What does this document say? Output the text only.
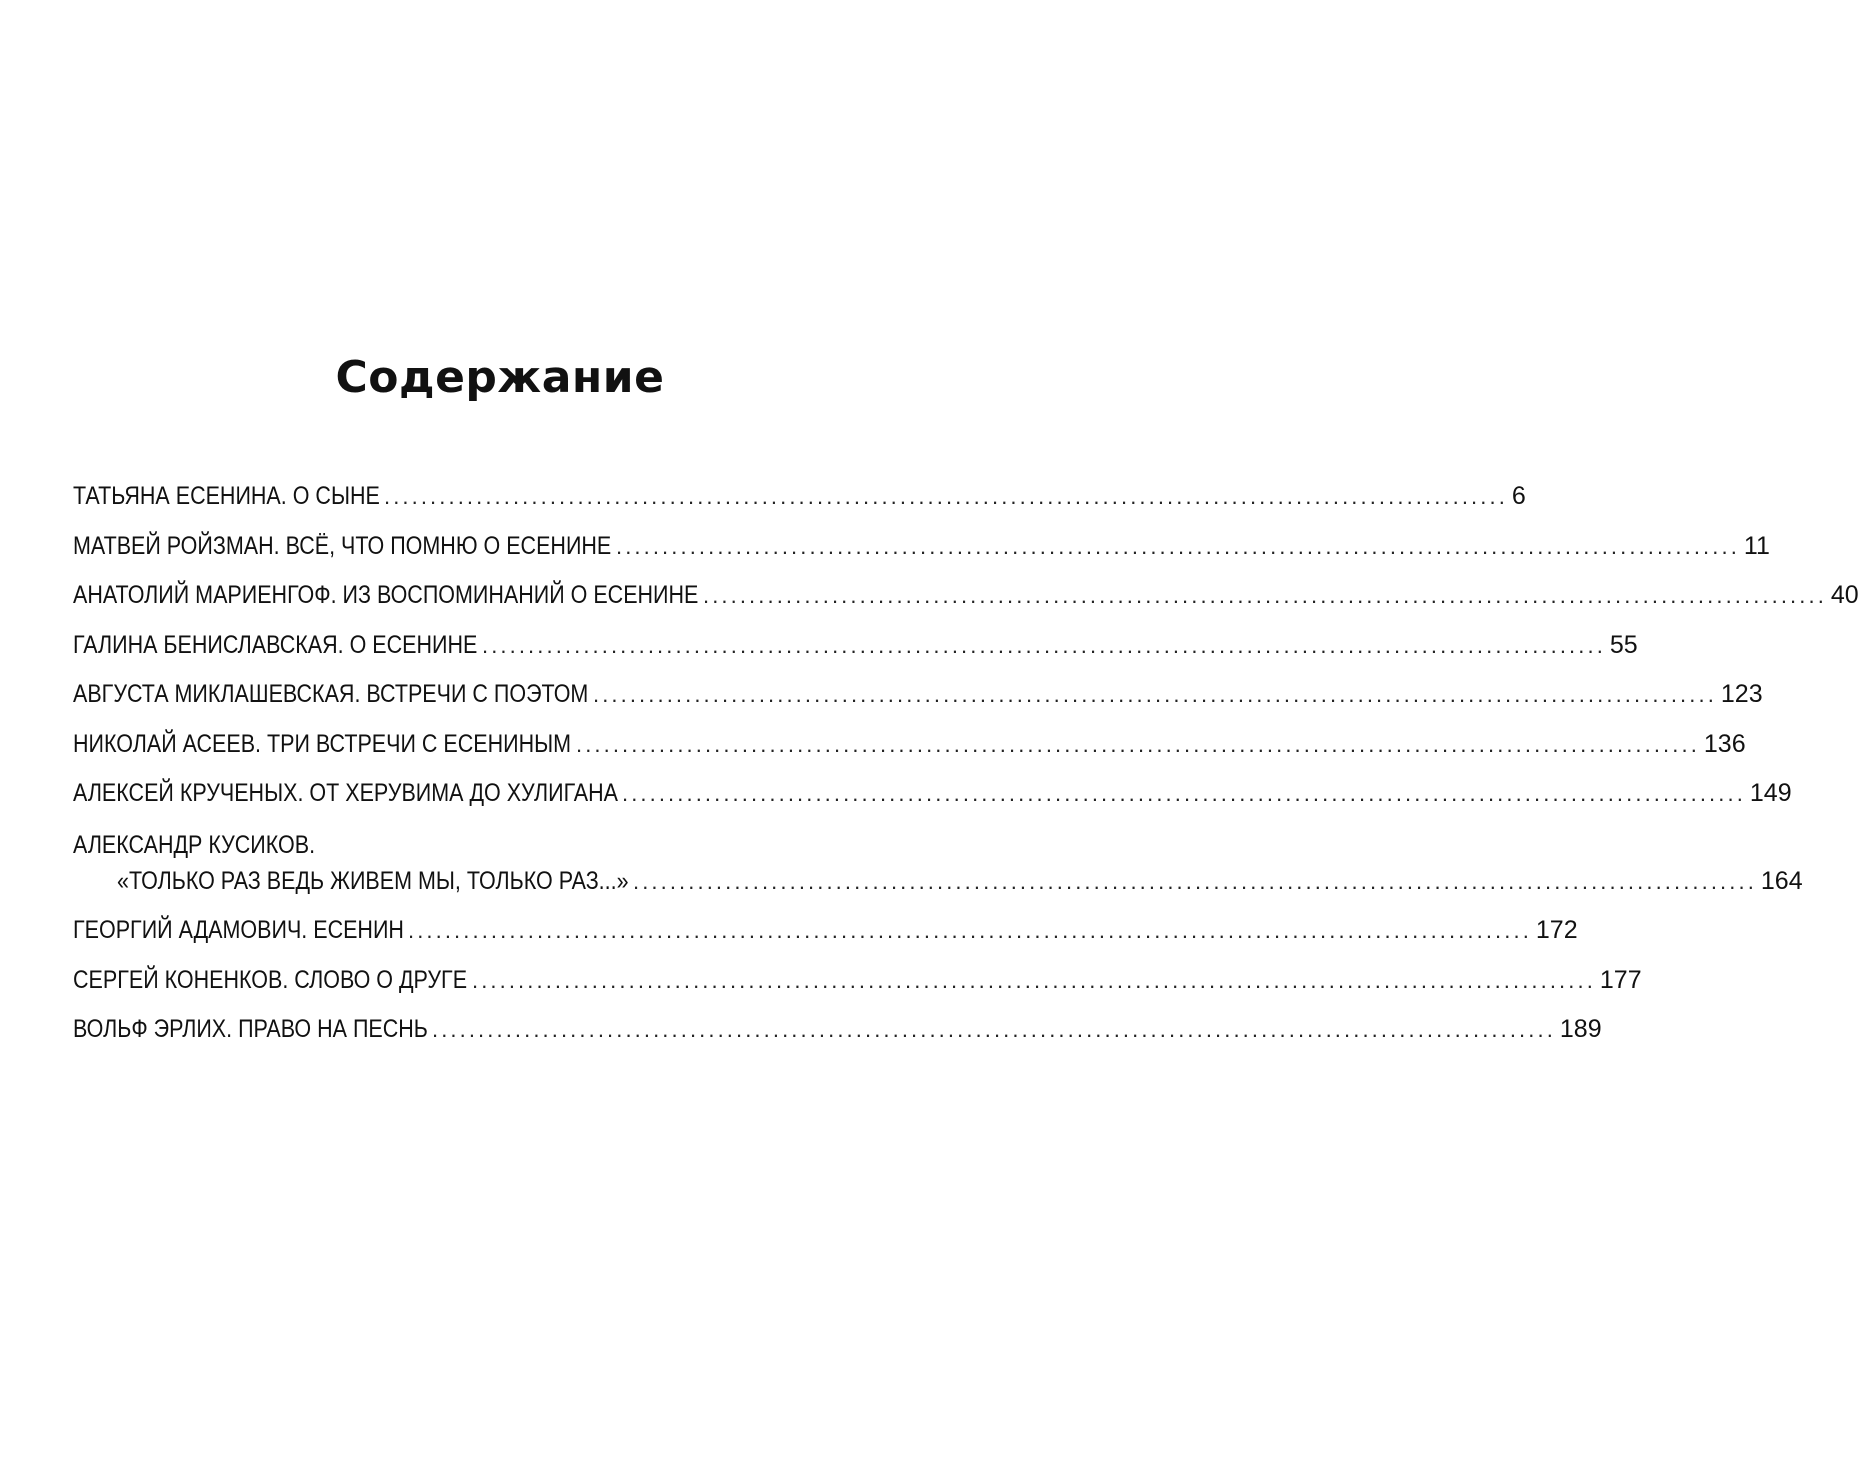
Содержание
ТАТЬЯНА ЕСЕНИНА. О СЫНЕ .......................................................................................................................... 6
МАТВЕЙ РОЙЗМАН. ВСЁ, ЧТО ПОМНЮ О ЕСЕНИНЕ .......................................................................................................................... 11
АНАТОЛИЙ МАРИЕНГОФ. ИЗ ВОСПОМИНАНИЙ О ЕСЕНИНЕ .......................................................................................................................... 40
ГАЛИНА БЕНИСЛАВСКАЯ. О ЕСЕНИНЕ .......................................................................................................................... 55
АВГУСТА МИКЛАШЕВСКАЯ. ВСТРЕЧИ С ПОЭТОМ .......................................................................................................................... 123
НИКОЛАЙ АСЕЕВ. ТРИ ВСТРЕЧИ С ЕСЕНИНЫМ .......................................................................................................................... 136
АЛЕКСЕЙ КРУЧЕНЫХ. ОТ ХЕРУВИМА ДО ХУЛИГАНА .......................................................................................................................... 149
АЛЕКСАНДР КУСИКОВ.
«ТОЛЬКО РАЗ ВЕДЬ ЖИВЕМ МЫ, ТОЛЬКО РАЗ...» .......................................................................................................................... 164
ГЕОРГИЙ АДАМОВИЧ. ЕСЕНИН .......................................................................................................................... 172
СЕРГЕЙ КОНЕНКОВ. СЛОВО О ДРУГЕ .......................................................................................................................... 177
ВОЛЬФ ЭРЛИХ. ПРАВО НА ПЕСНЬ .......................................................................................................................... 189
